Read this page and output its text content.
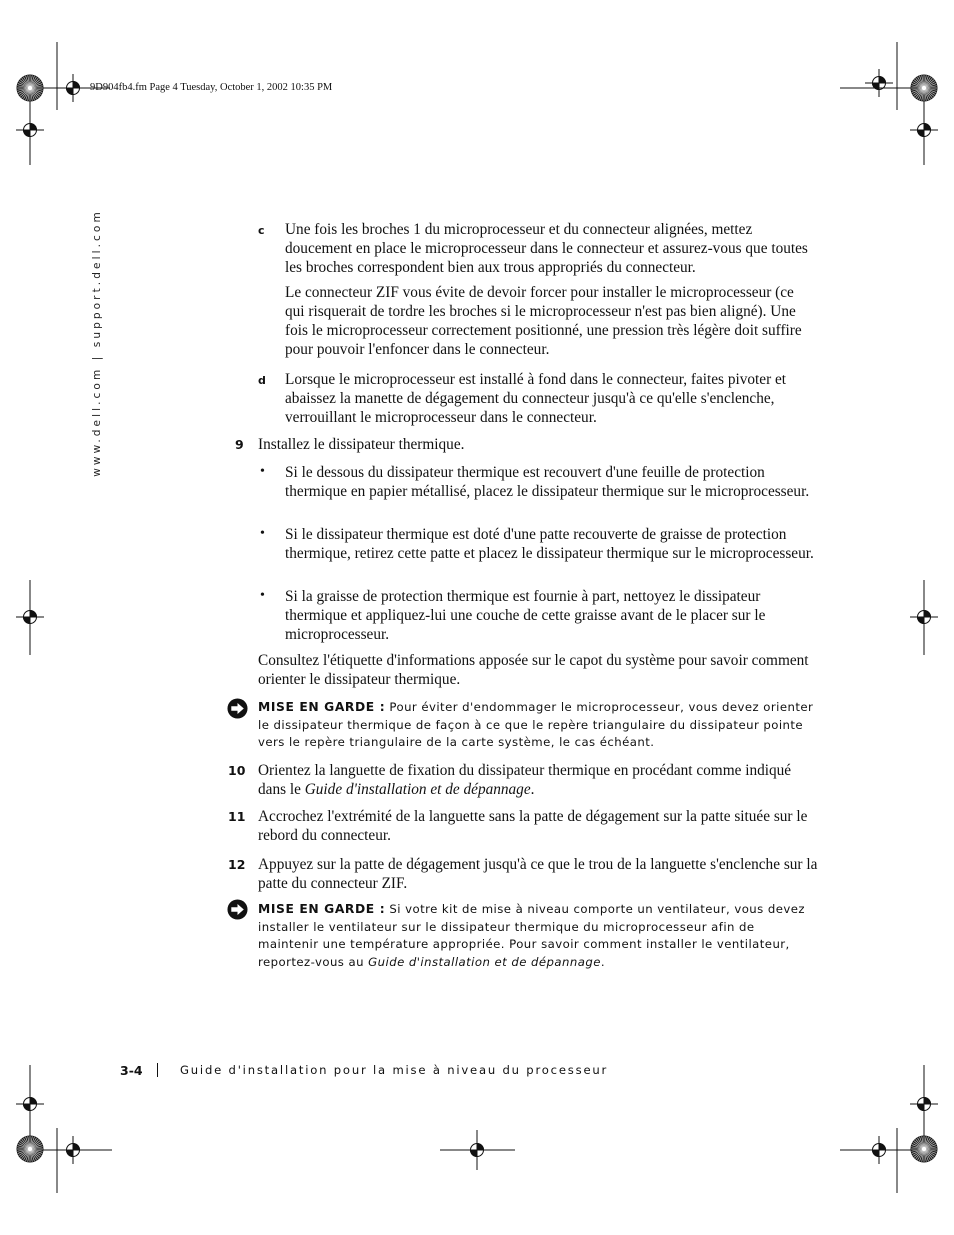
9D904fb4.fm Page 4 Tuesday, October 1, 2002 10:35 PM
www.dell.com | support.dell.com	c Une fois les broches 1 du microprocesseur et du connecteur alignées, mettez doucement en place le microprocesseur dans le connecteur et assurez-vous que toutes les broches correspondent bien aux trous appropriés du connecteur.

Le connecteur ZIF vous évite de devoir forcer pour installer le microprocesseur (ce qui risquerait de tordre les broches si le microprocesseur n'est pas bien aligné). Une fois le microprocesseur correctement positionné, une pression très légère doit suffire pour pouvoir l'enfoncer dans le connecteur.

d Lorsque le microprocesseur est installé à fond dans le connecteur, faites pivoter et abaissez la manette de dégagement du connecteur jusqu'à ce qu'elle s'enclenche, verrouillant le microprocesseur dans le connecteur.

9 Installez le dissipateur thermique.

• Si le dessous du dissipateur thermique est recouvert d'une feuille de protection thermique en papier métallisé, placez le dissipateur thermique sur le microprocesseur.

• Si le dissipateur thermique est doté d'une patte recouverte de graisse de protection thermique, retirez cette patte et placez le dissipateur thermique sur le microprocesseur.

• Si la graisse de protection thermique est fournie à part, nettoyez le dissipateur thermique et appliquez-lui une couche de cette graisse avant de le placer sur le microprocesseur.

Consultez l'étiquette d'informations apposée sur le capot du système pour savoir comment orienter le dissipateur thermique.

MISE EN GARDE : Pour éviter d'endommager le microprocesseur, vous devez orienter le dissipateur thermique de façon à ce que le repère triangulaire du dissipateur pointe vers le repère triangulaire de la carte système, le cas échéant.

10 Orientez la languette de fixation du dissipateur thermique en procédant comme indiqué dans le Guide d'installation et de dépannage.

11 Accrochez l'extrémité de la languette sans la patte de dégagement sur la patte située sur le rebord du connecteur.

12 Appuyez sur la patte de dégagement jusqu'à ce que le trou de la languette s'enclenche sur la patte du connecteur ZIF.

MISE EN GARDE : Si votre kit de mise à niveau comporte un ventilateur, vous devez installer le ventilateur sur le dissipateur thermique du microprocesseur afin de maintenir une température appropriée. Pour savoir comment installer le ventilateur, reportez-vous au Guide d'installation et de dépannage.

3-4	Guide d'installation pour la mise à niveau du processeur
